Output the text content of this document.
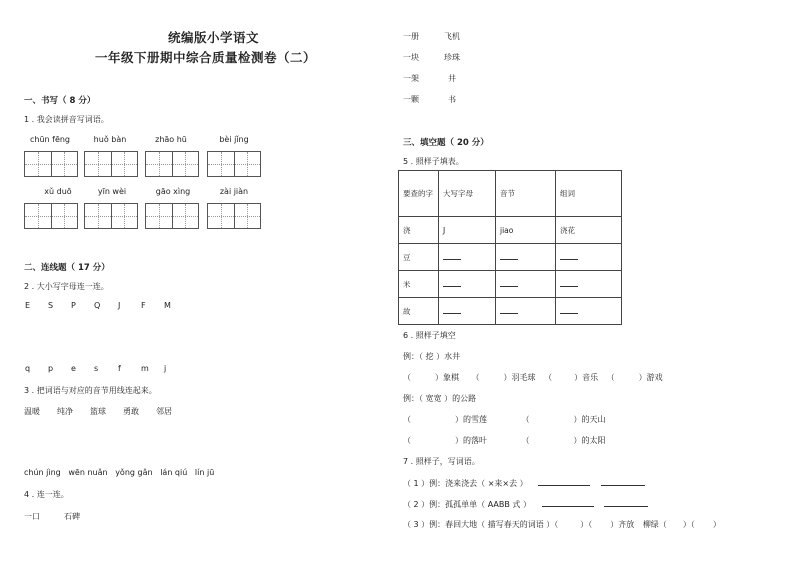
统编版小学语文
一年级下册期中综合质量检测卷（二）
一、书写（ 8 分）
1 . 我会读拼音写词语。
chūn fēng	huǒ bàn	zhāo hū	bèi jǐng
xǔ duō	yīn wèi	gāo xìng	zài jiàn
二、连线题（ 17 分）
2 . 大小写字母连一连。
E S P Q J	F M
q p e s f	m j
3 . 把词语与对应的音节用线连起来。
温暖 纯净 篮球 勇敢 邻居
chún jìng   wēn nuǎn   yǒng gǎn   lán qiú   lín jū
4 . 连一连。
一口	石碑
一册	飞机
一块	珍珠
一架	井
一颗	书
三、填空题（ 20 分）
5 . 照样子填表。
要查的字	大写字母	音节	组词
浇	J	jiao	浇花
豆			
米			
故			
6 . 照样子填空
例：（ 挖 ）水井
（	）象棋 （	）羽毛球 （	）音乐 （	）游戏
例：（ 宽宽 ）的公路
（	）的雪莲	（	）的天山
（	）的落叶	（	）的太阳
7 . 照样子，写词语。
（ 1 ）例：浇来浇去（ ×来×去 ）
（ 2 ）例：孤孤单单（ AABB 式 ）
（ 3 ）例：春回大地（ 描写春天的词语 ）（	）（ ）齐放 柳绿（ ）（ ）
